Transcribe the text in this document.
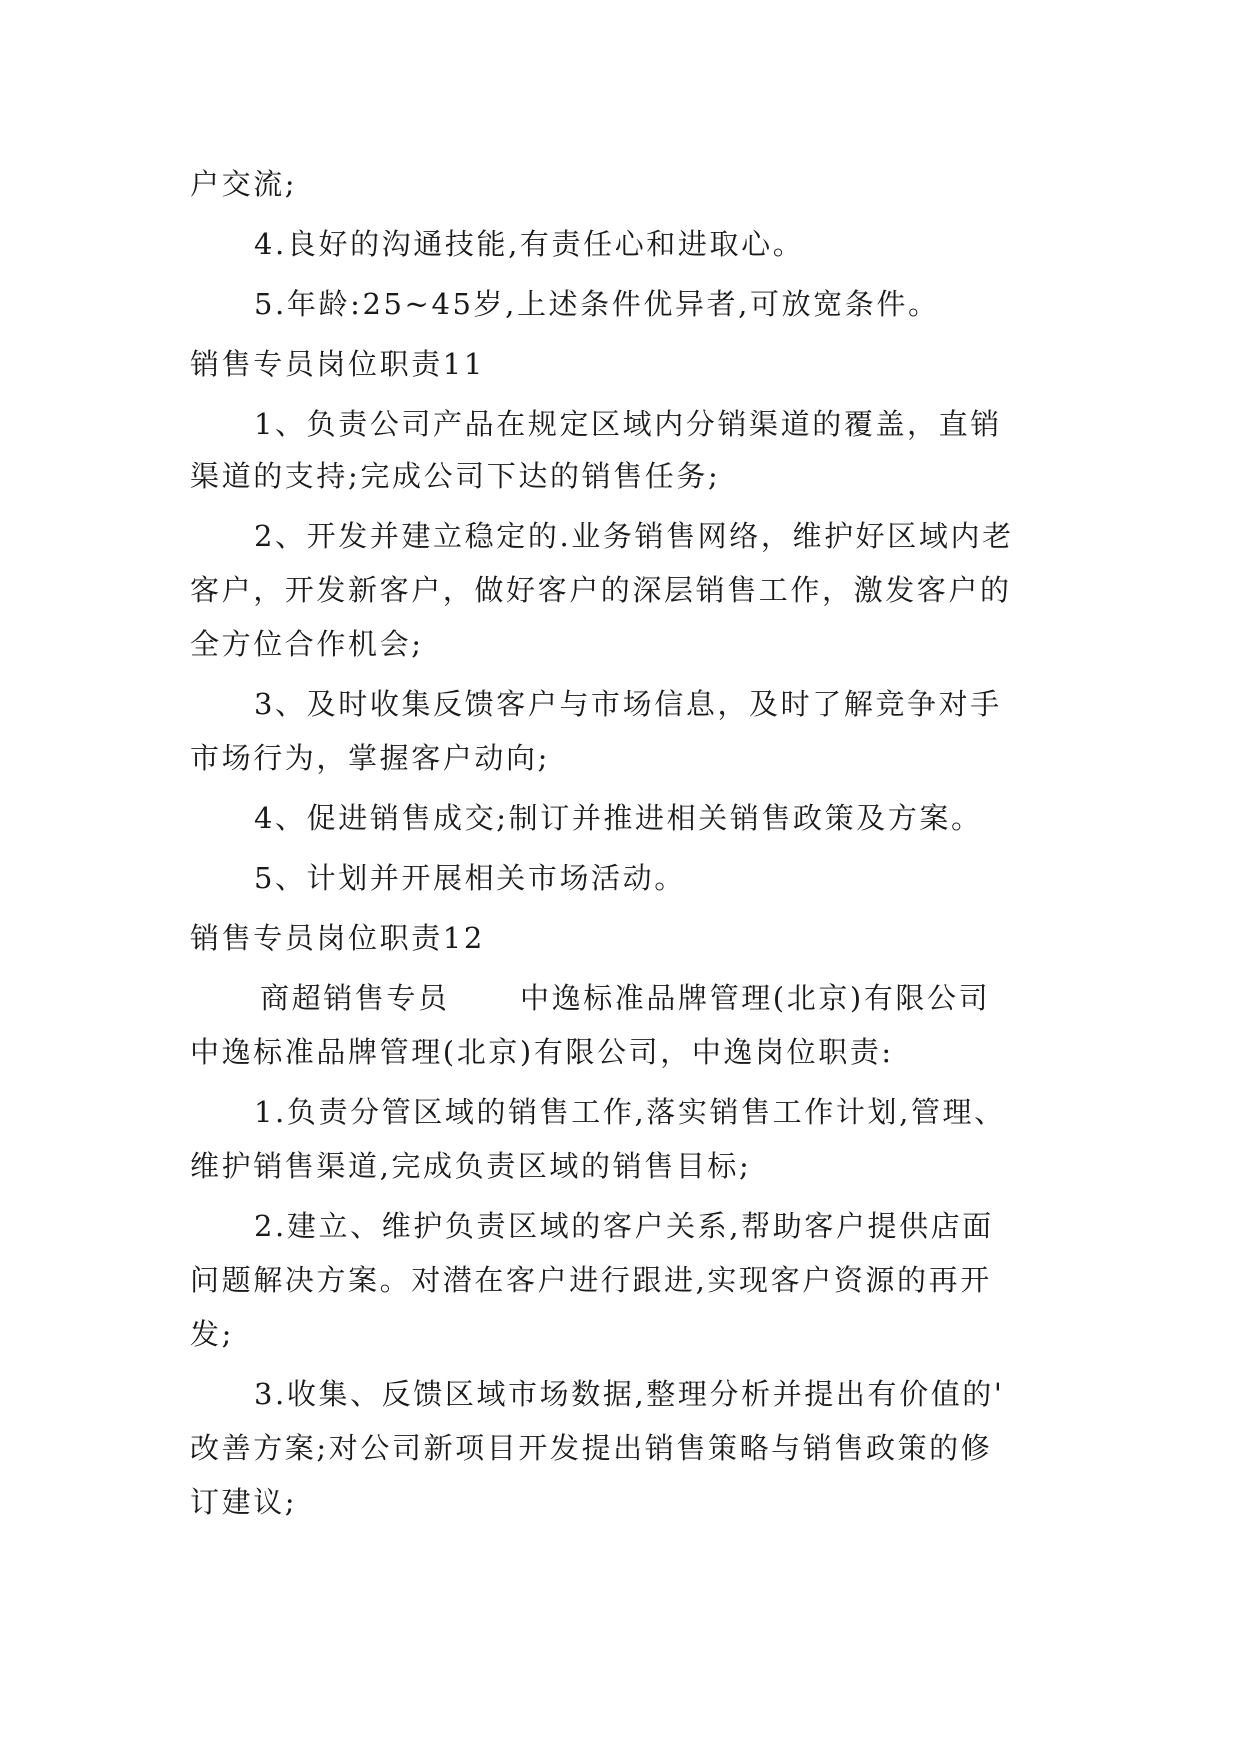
户交流;
4.良好的沟通技能,有责任心和进取心。
5.年龄:25~45岁,上述条件优异者,可放宽条件。
销售专员岗位职责11
1、负责公司产品在规定区域内分销渠道的覆盖，直销
渠道的支持;完成公司下达的销售任务;
2、开发并建立稳定的.业务销售网络，维护好区域内老
客户，开发新客户，做好客户的深层销售工作，激发客户的
全方位合作机会;
3、及时收集反馈客户与市场信息，及时了解竞争对手
市场行为，掌握客户动向;
4、促进销售成交;制订并推进相关销售政策及方案。
5、计划并开展相关市场活动。
销售专员岗位职责12
商超销售专员 中逸标准品牌管理(北京)有限公司
中逸标准品牌管理(北京)有限公司，中逸岗位职责:
1.负责分管区域的销售工作,落实销售工作计划,管理、
维护销售渠道,完成负责区域的销售目标;
2.建立、维护负责区域的客户关系,帮助客户提供店面
问题解决方案。对潜在客户进行跟进,实现客户资源的再开
发;
3.收集、反馈区域市场数据,整理分析并提出有价值的'
改善方案;对公司新项目开发提出销售策略与销售政策的修
订建议;
